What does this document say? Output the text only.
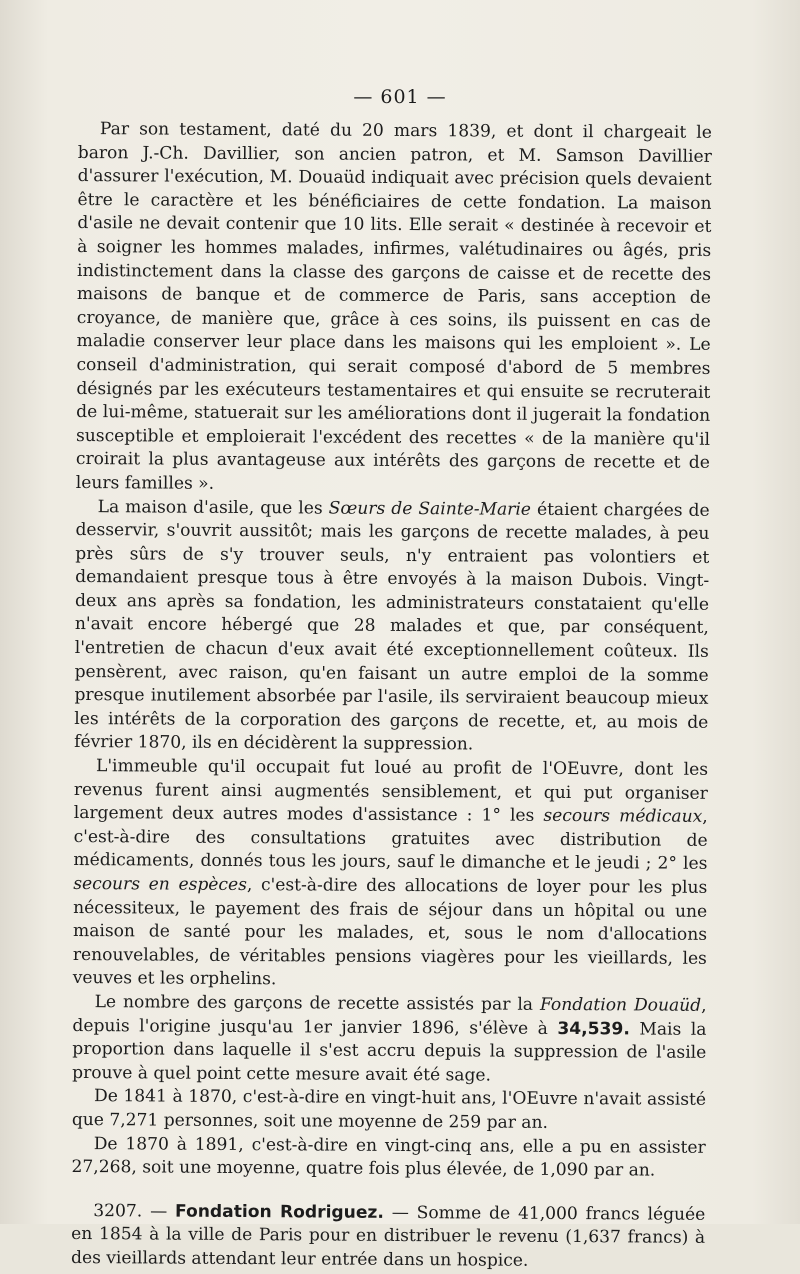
— 601 —

Par son testament, daté du 20 mars 1839, et dont il chargeait le baron J.-Ch. Davillier, son ancien patron, et M. Samson Davillier d'assurer l'exécution, M. Douaüd indiquait avec précision quels devaient être le caractère et les bénéficiaires de cette fondation. La maison d'asile ne devait contenir que 10 lits. Elle serait « destinée à recevoir et à soigner les hommes malades, infirmes, valétudinaires ou âgés, pris indistinctement dans la classe des garçons de caisse et de recette des maisons de banque et de commerce de Paris, sans acception de croyance, de manière que, grâce à ces soins, ils puissent en cas de maladie conserver leur place dans les maisons qui les emploient ». Le conseil d'administration, qui serait composé d'abord de 5 membres désignés par les exécuteurs testamentaires et qui ensuite se recruterait de lui-même, statuerait sur les améliorations dont il jugerait la fondation susceptible et emploierait l'excédent des recettes « de la manière qu'il croirait la plus avantageuse aux intérêts des garçons de recette et de leurs familles ».

La maison d'asile, que les Sœurs de Sainte-Marie étaient chargées de desservir, s'ouvrit aussitôt; mais les garçons de recette malades, à peu près sûrs de s'y trouver seuls, n'y entraient pas volontiers et demandaient presque tous à être envoyés à la maison Dubois. Vingt-deux ans après sa fondation, les administrateurs constataient qu'elle n'avait encore hébergé que 28 malades et que, par conséquent, l'entretien de chacun d'eux avait été exceptionnellement coûteux. Ils pensèrent, avec raison, qu'en faisant un autre emploi de la somme presque inutilement absorbée par l'asile, ils serviraient beaucoup mieux les intérêts de la corporation des garçons de recette, et, au mois de février 1870, ils en décidèrent la suppression.

L'immeuble qu'il occupait fut loué au profit de l'OEuvre, dont les revenus furent ainsi augmentés sensiblement, et qui put organiser largement deux autres modes d'assistance : 1° les secours médicaux, c'est-à-dire des consultations gratuites avec distribution de médicaments, donnés tous les jours, sauf le dimanche et le jeudi ; 2° les secours en espèces, c'est-à-dire des allocations de loyer pour les plus nécessiteux, le payement des frais de séjour dans un hôpital ou une maison de santé pour les malades, et, sous le nom d'allocations renouvelables, de véritables pensions viagères pour les vieillards, les veuves et les orphelins.

Le nombre des garçons de recette assistés par la Fondation Douaüd, depuis l'origine jusqu'au 1er janvier 1896, s'élève à 34,539. Mais la proportion dans laquelle il s'est accru depuis la suppression de l'asile prouve à quel point cette mesure avait été sage.

De 1841 à 1870, c'est-à-dire en vingt-huit ans, l'OEuvre n'avait assisté que 7,271 personnes, soit une moyenne de 259 par an.

De 1870 à 1891, c'est-à-dire en vingt-cinq ans, elle a pu en assister 27,268, soit une moyenne, quatre fois plus élevée, de 1,090 par an.

3207. — Fondation Rodriguez. — Somme de 41,000 francs léguée en 1854 à la ville de Paris pour en distribuer le revenu (1,637 francs) à des vieillards attendant leur entrée dans un hospice.
